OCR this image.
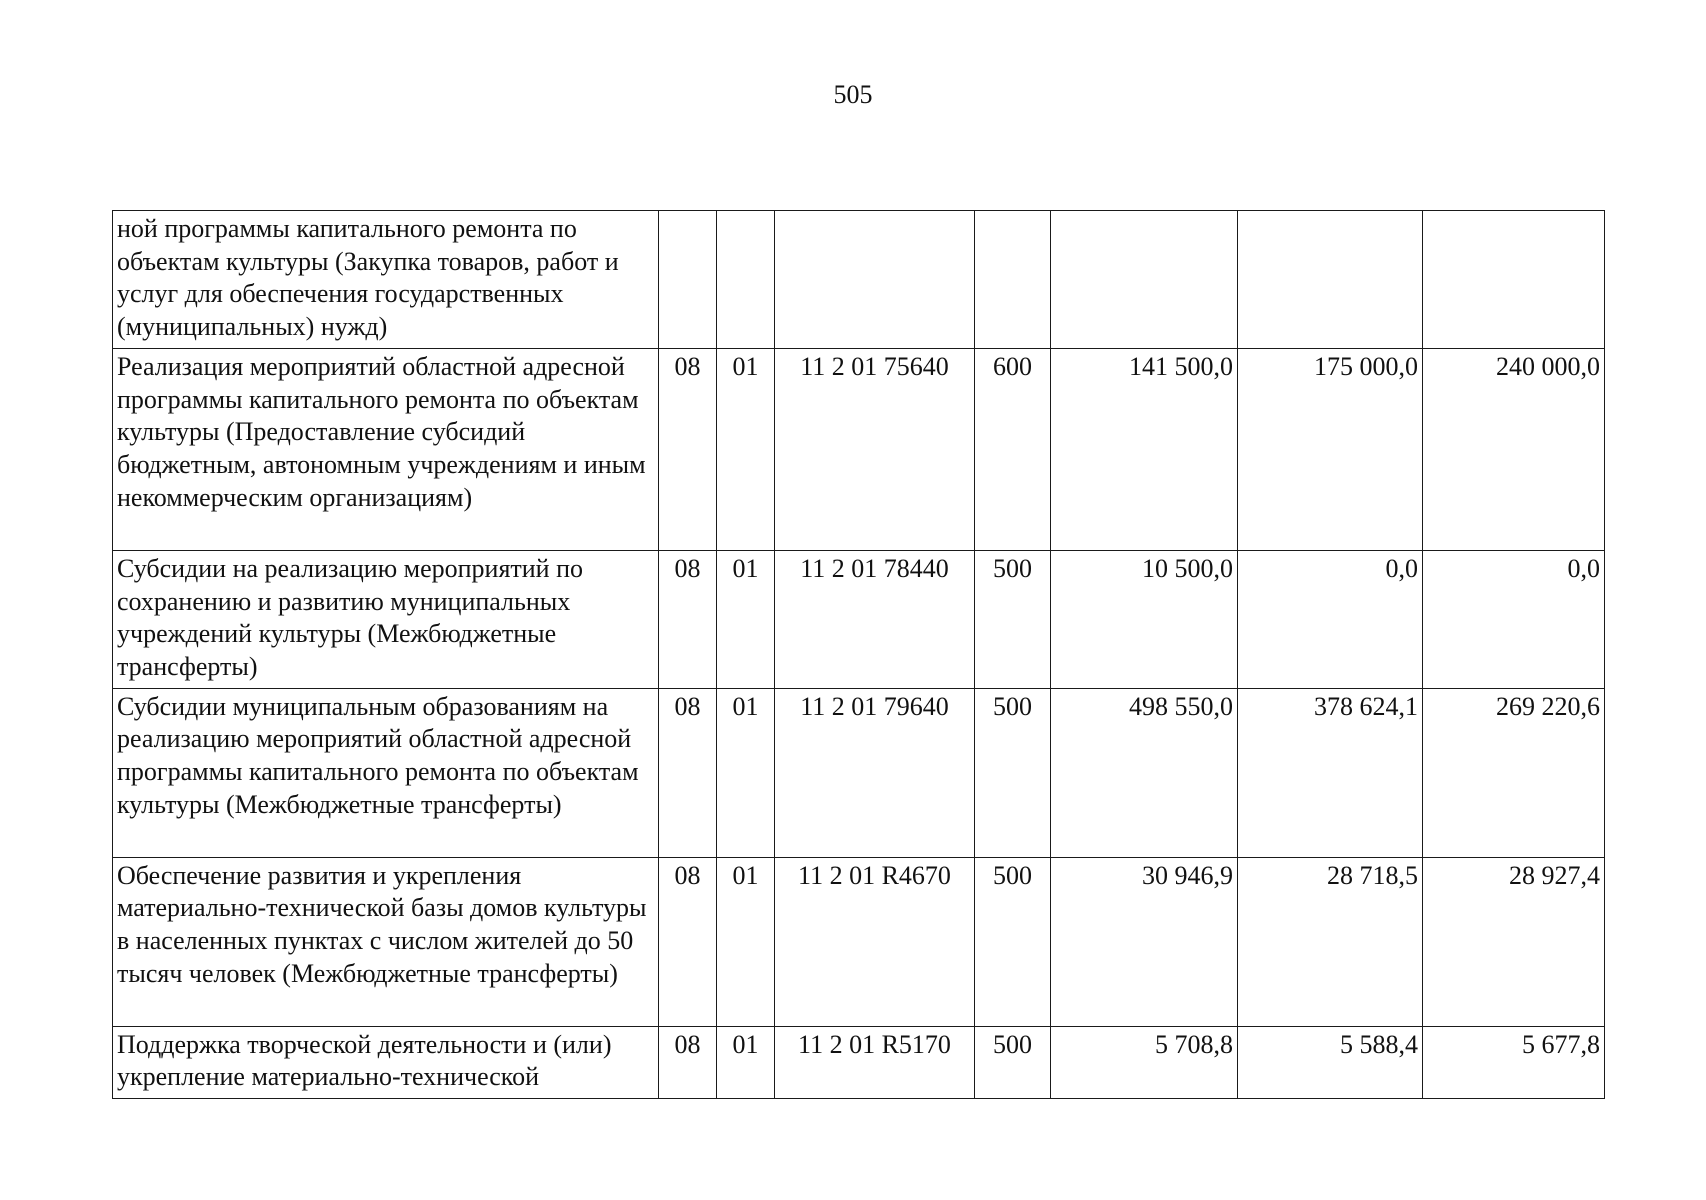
505
ной программы капитального ремонта по объектам культуры (Закупка товаров, работ и услуг для обеспечения государственных (муниципальных) нужд)							
Реализация мероприятий областной адресной программы капитального ремонта по объектам культуры (Предоставление субсидий бюджетным, автономным учреждениям и иным некоммерческим организациям)	08	01	11 2 01 75640	600	141 500,0	175 000,0	240 000,0
Субсидии на реализацию мероприятий по сохранению и развитию муниципальных учреждений культуры (Межбюджетные трансферты)	08	01	11 2 01 78440	500	10 500,0	0,0	0,0
Субсидии муниципальным образованиям на реализацию мероприятий областной адресной программы капитального ремонта по объектам культуры (Межбюджетные трансферты)	08	01	11 2 01 79640	500	498 550,0	378 624,1	269 220,6
Обеспечение развития и укрепления материально-технической базы домов культуры в населенных пунктах с числом жителей до 50 тысяч человек (Межбюджетные трансферты)	08	01	11 2 01 R4670	500	30 946,9	28 718,5	28 927,4
Поддержка творческой деятельности и (или) укрепление материально-технической	08	01	11 2 01 R5170	500	5 708,8	5 588,4	5 677,8
